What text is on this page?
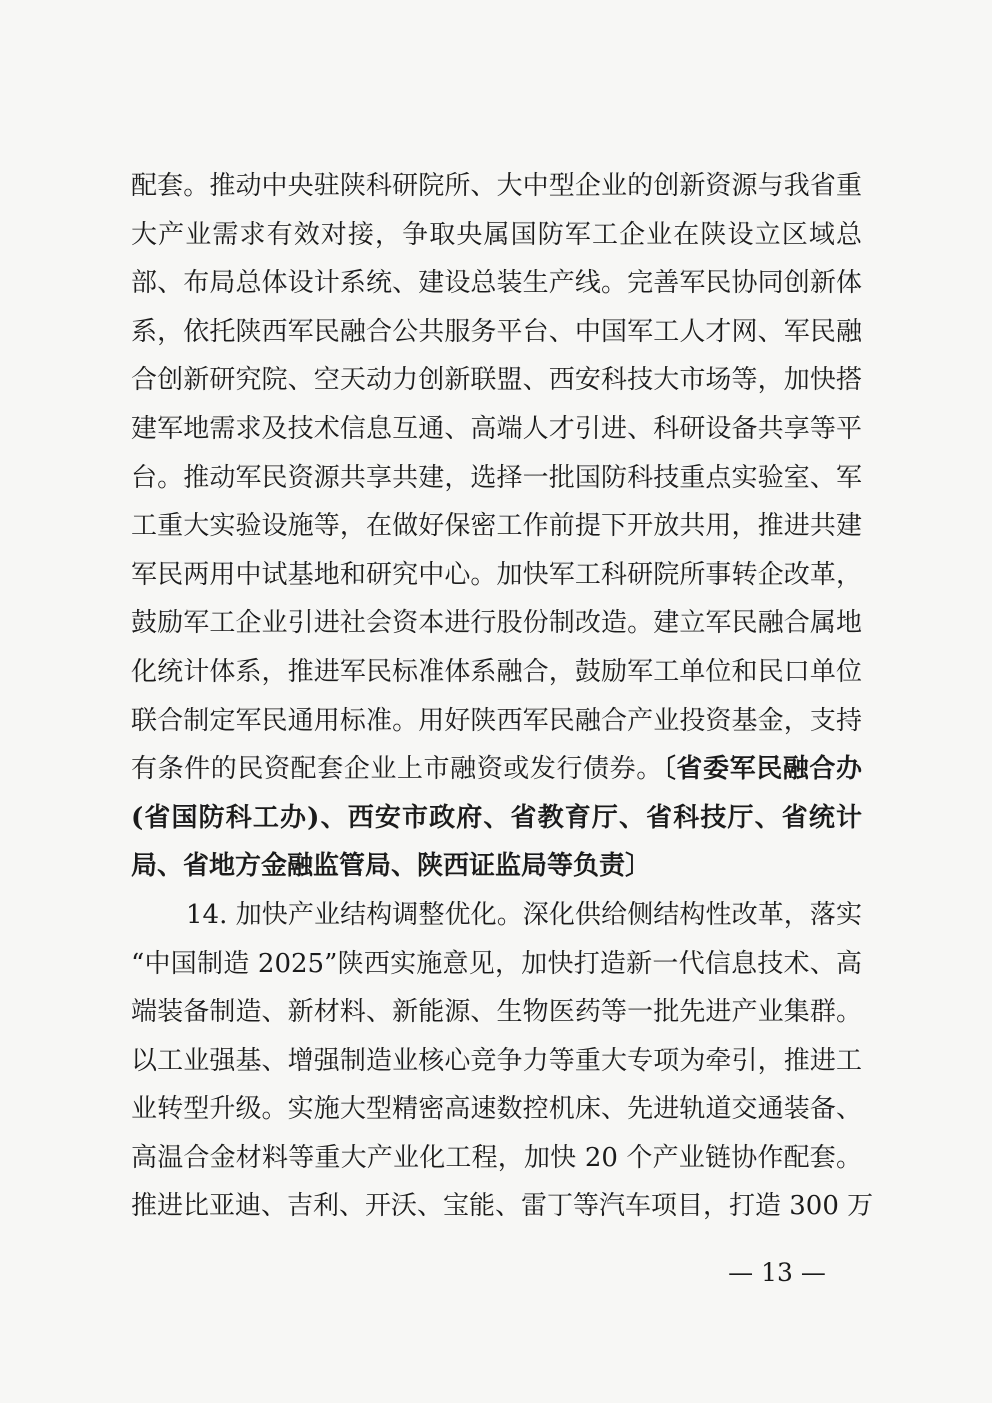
配套。推动中央驻陕科研院所、大中型企业的创新资源与我省重
大产业需求有效对接，争取央属国防军工企业在陕设立区域总
部、布局总体设计系统、建设总装生产线。完善军民协同创新体
系，依托陕西军民融合公共服务平台、中国军工人才网、军民融
合创新研究院、空天动力创新联盟、西安科技大市场等，加快搭
建军地需求及技术信息互通、高端人才引进、科研设备共享等平
台。推动军民资源共享共建，选择一批国防科技重点实验室、军
工重大实验设施等，在做好保密工作前提下开放共用，推进共建
军民两用中试基地和研究中心。加快军工科研院所事转企改革，
鼓励军工企业引进社会资本进行股份制改造。建立军民融合属地
化统计体系，推进军民标准体系融合，鼓励军工单位和民口单位
联合制定军民通用标准。用好陕西军民融合产业投资基金，支持
有条件的民资配套企业上市融资或发行债券。〔省委军民融合办
(省国防科工办)、西安市政府、省教育厅、省科技厅、省统计
局、省地方金融监管局、陕西证监局等负责〕
14. 加快产业结构调整优化。深化供给侧结构性改革，落实
“中国制造 2025”陕西实施意见，加快打造新一代信息技术、高
端装备制造、新材料、新能源、生物医药等一批先进产业集群。
以工业强基、增强制造业核心竞争力等重大专项为牵引，推进工
业转型升级。实施大型精密高速数控机床、先进轨道交通装备、
高温合金材料等重大产业化工程，加快 20 个产业链协作配套。
推进比亚迪、吉利、开沃、宝能、雷丁等汽车项目，打造 300 万
— 13 —
